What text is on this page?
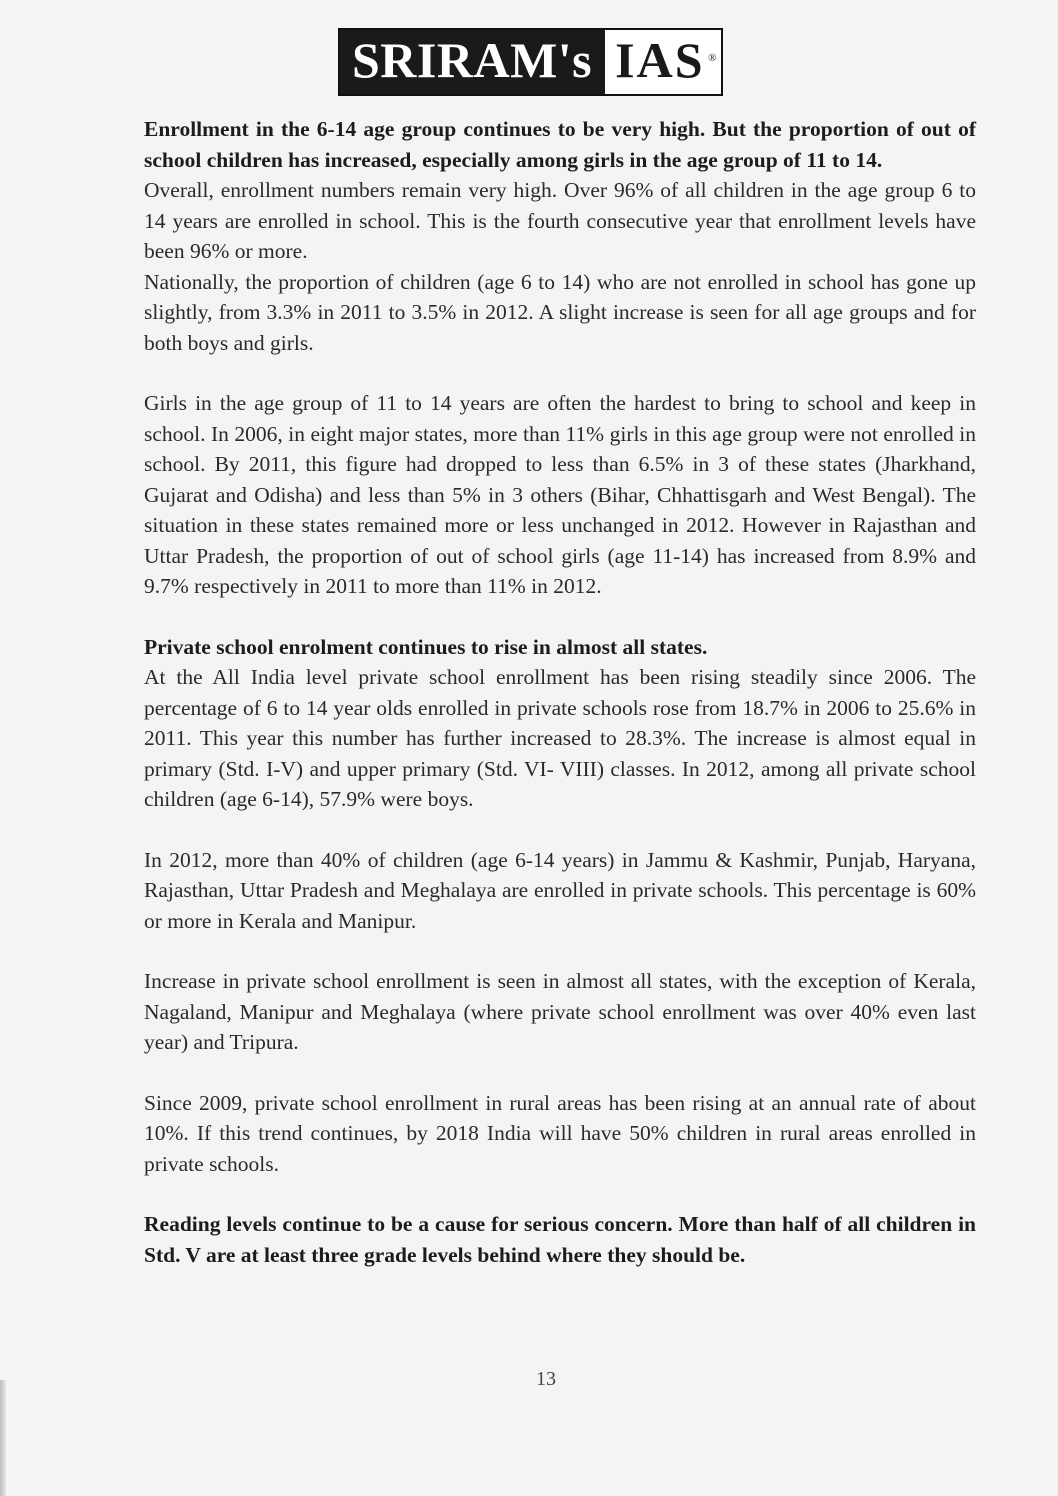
SRIRAM's IAS ®

Enrollment in the 6-14 age group continues to be very high. But the proportion of out of school children has increased, especially among girls in the age group of 11 to 14.

Overall, enrollment numbers remain very high. Over 96% of all children in the age group 6 to 14 years are enrolled in school. This is the fourth consecutive year that enrollment levels have been 96% or more.

Nationally, the proportion of children (age 6 to 14) who are not enrolled in school has gone up slightly, from 3.3% in 2011 to 3.5% in 2012. A slight increase is seen for all age groups and for both boys and girls.

Girls in the age group of 11 to 14 years are often the hardest to bring to school and keep in school. In 2006, in eight major states, more than 11% girls in this age group were not enrolled in school. By 2011, this figure had dropped to less than 6.5% in 3 of these states (Jharkhand, Gujarat and Odisha) and less than 5% in 3 others (Bihar, Chhattisgarh and West Bengal). The situation in these states remained more or less unchanged in 2012. However in Rajasthan and Uttar Pradesh, the proportion of out of school girls (age 11-14) has increased from 8.9% and 9.7% respectively in 2011 to more than 11% in 2012.

Private school enrolment continues to rise in almost all states.

At the All India level private school enrollment has been rising steadily since 2006. The percentage of 6 to 14 year olds enrolled in private schools rose from 18.7% in 2006 to 25.6% in 2011. This year this number has further increased to 28.3%. The increase is almost equal in primary (Std. I-V) and upper primary (Std. VI- VIII) classes. In 2012, among all private school children (age 6-14), 57.9% were boys.

In 2012, more than 40% of children (age 6-14 years) in Jammu & Kashmir, Punjab, Haryana, Rajasthan, Uttar Pradesh and Meghalaya are enrolled in private schools. This percentage is 60% or more in Kerala and Manipur.

Increase in private school enrollment is seen in almost all states, with the exception of Kerala, Nagaland, Manipur and Meghalaya (where private school enrollment was over 40% even last year) and Tripura.

Since 2009, private school enrollment in rural areas has been rising at an annual rate of about 10%. If this trend continues, by 2018 India will have 50% children in rural areas enrolled in private schools.

Reading levels continue to be a cause for serious concern. More than half of all children in Std. V are at least three grade levels behind where they should be.

13
